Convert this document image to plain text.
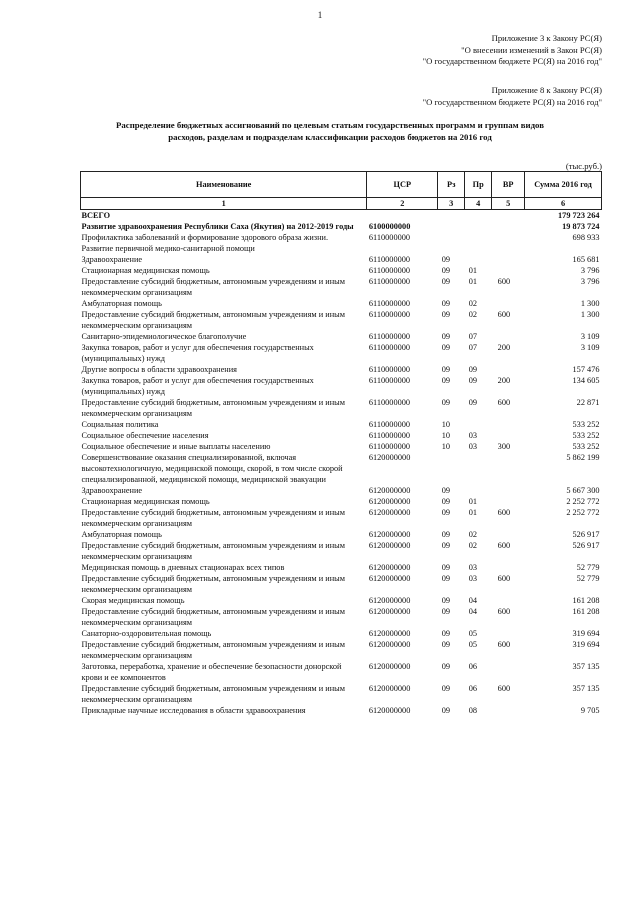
1
Приложение 3 к Закону РС(Я)
"О внесении изменений в Закон РС(Я)
"О государственном бюджете РС(Я) на 2016 год"
Приложение 8 к Закону РС(Я)
"О государственном бюджете РС(Я) на 2016 год"
Распределение бюджетных ассигнований по целевым статьям государственных программ и группам видов
расходов, разделам и подразделам классификации расходов бюджетов на 2016 год
(тыс.руб.)
Наименование	ЦСР	Рз	Пр	ВР	Сумма 2016 год
1	2	3	4	5	6
ВСЕГО					179 723 264
Развитие здравоохранения Республики Саха (Якутия) на 2012-2019 годы	6100000000				19 873 724
Профилактика заболеваний и формирование здорового образа жизни. Развитие первичной медико-санитарной помощи	6110000000				698 933
Здравоохранение	6110000000	09			165 681
Стационарная медицинская помощь	6110000000	09	01		3 796
Предоставление субсидий бюджетным, автономным учреждениям и иным некоммерческим организациям	6110000000	09	01	600	3 796
Амбулаторная помощь	6110000000	09	02		1 300
Предоставление субсидий бюджетным, автономным учреждениям и иным некоммерческим организациям	6110000000	09	02	600	1 300
Санитарно-эпидемиологическое благополучие	6110000000	09	07		3 109
Закупка товаров, работ и услуг для обеспечения государственных (муниципальных) нужд	6110000000	09	07	200	3 109
Другие вопросы в области здравоохранения	6110000000	09	09		157 476
Закупка товаров, работ и услуг для обеспечения государственных (муниципальных) нужд	6110000000	09	09	200	134 605
Предоставление субсидий бюджетным, автономным учреждениям и иным некоммерческим организациям	6110000000	09	09	600	22 871
Социальная политика	6110000000	10			533 252
Социальное обеспечение населения	6110000000	10	03		533 252
Социальное обеспечение и иные выплаты населению	6110000000	10	03	300	533 252
Совершенствование оказания специализированной, включая высокотехнологичную, медицинской помощи, скорой, в том числе скорой специализированной, медицинской помощи, медицинской эвакуации	6120000000				5 862 199
Здравоохранение	6120000000	09			5 667 300
Стационарная медицинская помощь	6120000000	09	01		2 252 772
Предоставление субсидий бюджетным, автономным учреждениям и иным некоммерческим организациям	6120000000	09	01	600	2 252 772
Амбулаторная помощь	6120000000	09	02		526 917
Предоставление субсидий бюджетным, автономным учреждениям и иным некоммерческим организациям	6120000000	09	02	600	526 917
Медицинская помощь в дневных стационарах всех типов	6120000000	09	03		52 779
Предоставление субсидий бюджетным, автономным учреждениям и иным некоммерческим организациям	6120000000	09	03	600	52 779
Скорая медицинская помощь	6120000000	09	04		161 208
Предоставление субсидий бюджетным, автономным учреждениям и иным некоммерческим организациям	6120000000	09	04	600	161 208
Санаторно-оздоровительная помощь	6120000000	09	05		319 694
Предоставление субсидий бюджетным, автономным учреждениям и иным некоммерческим организациям	6120000000	09	05	600	319 694
Заготовка, переработка, хранение и обеспечение безопасности донорской крови и ее компонентов	6120000000	09	06		357 135
Предоставление субсидий бюджетным, автономным учреждениям и иным некоммерческим организациям	6120000000	09	06	600	357 135
Прикладные научные исследования в области здравоохранения	6120000000	09	08		9 705
